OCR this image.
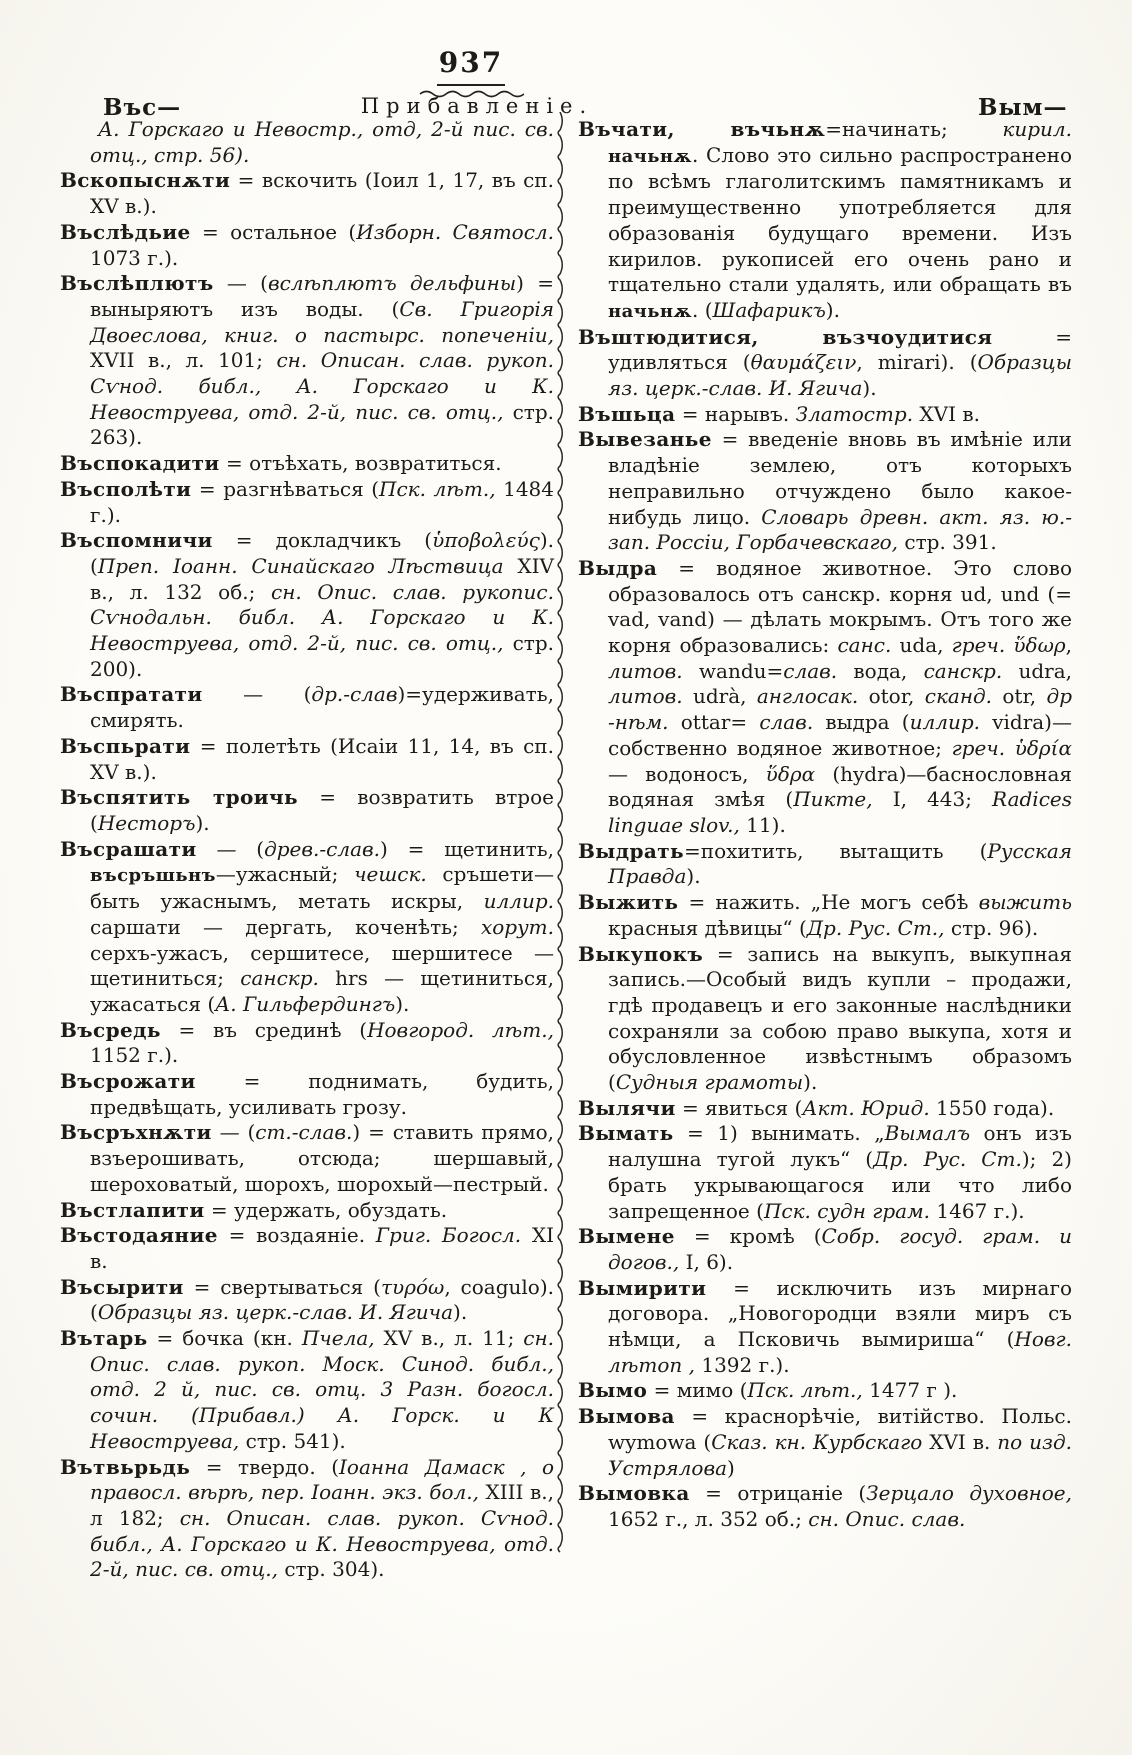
937
Въс—	Прибавленіе.	Вым—

А. Горскаго и Невостр., отд, 2-й пис. св. отц., стр. 56).

Вскопыснѫти = вскочить (Іоил 1, 17, въ сп. XV в.).

Въслѣдьие = остальное (Изборн. Святосл. 1073 г.).

Въслѣплютъ — (вслѣплютъ дельфины) = выныряютъ изъ воды. (Св. Григорія Двоеслова, книг. о пастырс. попеченіи, XVII в., л. 101; сн. Описан. слав. рукоп. Сѵнод. библ., А. Горскаго и К. Невоструева, отд. 2-й, пис. св. отц., стр. 263).

Въспокадити = отъѣхать, возвратиться.

Въсполѣти = разгнѣваться (Пск. лѣт., 1484 г.).

Въспомничи = докладчикъ (ὑποβολεύς). (Преп. Іоанн. Синайскаго Лѣствица XIV в., л. 132 об.; сн. Опис. слав. рукопис. Сѵнодальн. библ. А. Горскаго и К. Невоструева, отд. 2-й, пис. св. отц., стр. 200).

Въспратати — (др.-слав)=удерживать, смирять.

Въспьрати = полетѣть (Исаіи 11, 14, въ сп. XV в.).

Въспятить троичь = возвратить втрое (Несторъ).

Въсрашати — (древ.-слав.) = щетинить, въсръшьнъ—ужасный; чешск. сръшети—быть ужаснымъ, метать искры, иллир. саршати — дергать, коченѣть; хорут. серхъ-ужасъ, сершитесе, шершитесе — щетиниться; санскр. hrs — щетиниться, ужасаться (А. Гильфердингъ).

Въсредь = въ срединѣ (Новгород. лѣт., 1152 г.).

Въсрожати = поднимать, будить, предвѣщать, усиливать грозу.

Въсръхнѫти — (ст.-слав.) = ставить прямо, взъерошивать, отсюда; шершавый, шероховатый, шорохъ, шорохый—пестрый.

Въстлапити = удержать, обуздать.

Въстодаяние = воздаяніе. Григ. Богосл. XI в.

Въсырити = свертываться (τυρόω, coagulo). (Образцы яз. церк.-слав. И. Ягича).

Вътарь = бочка (кн. Пчела, XV в., л. 11; сн. Опис. слав. рукоп. Моск. Синод. библ., отд. 2 й, пис. св. отц. 3 Разн. богосл. сочин. (Прибавл.) А. Горск. и К Невоструева, стр. 541).

Вътвьрьдь = твердо. (Іоанна Дамаск , о правосл. вѣрѣ, пер. Іоанн. экз. бол., XIII в., л 182; сн. Описан. слав. рукоп. Сѵнод. библ., А. Горскаго и К. Невоструева, отд. 2-й, пис. св. отц., стр. 304).

Въчати, въчьнѫ=начинать; кирил. начьнѫ. Слово это сильно распространено по всѣмъ глаголитскимъ памятникамъ и преимущественно употребляется для образованія будущаго времени. Изъ кирилов. рукописей его очень рано и тщательно стали удалять, или обращать въ начьнѫ. (Шафарикъ).

Въштюдитися, възчоудитися = удивляться (θαυμάζειν, mirari). (Образцы яз. церк.-слав. И. Ягича).

Въшьца = нарывъ. Златостр. XVI в.

Вывезанье = введеніе вновь въ имѣніе или владѣніе землею, отъ которыхъ неправильно отчуждено было какое-нибудь лицо. Словарь древн. акт. яз. ю.-зап. Россіи, Горбачевскаго, стр. 391.

Выдра = водяное животное. Это слово образовалось отъ санскр. корня ud, und (= vad, vand) — дѣлать мокрымъ. Отъ того же корня образовались: санс. uda, греч. ὕδωρ, литов. wandu=слав. вода, санскр. udra, литов. udrà, англосак. otor, сканд. otr, др -нѣм. ottar= слав. выдра (иллир. vidra)—собственно водяное животное; греч. ὑδρία — водоносъ, ὕδρα (hydra)—баснословная водяная змѣя (Пикте, I, 443; Radices linguae slov., 11).

Выдрать=похитить, вытащить (Русская Правда).

Выжить = нажить. „Не могъ себѣ выжить красныя дѣвицы“ (Др. Рус. Ст., стр. 96).

Выкупокъ = запись на выкупъ, выкупная запись.—Особый видъ купли – продажи, гдѣ продавецъ и его законные наслѣдники сохраняли за собою право выкупа, хотя и обусловленное извѣстнымъ образомъ (Судныя грамоты).

Вылячи = явиться (Акт. Юрид. 1550 года).

Вымать = 1) вынимать. „Вымалъ онъ изъ налушна тугой лукъ“ (Др. Рус. Ст.); 2) брать укрывающагося или что либо запрещенное (Пск. судн грам. 1467 г.).

Вымене = кромѣ (Собр. госуд. грам. и догов., I, 6).

Вымирити = исключить изъ мирнаго договора. „Новогородци взяли миръ съ нѣмци, а Псковичь вымириша“ (Новг. лѣтоп , 1392 г.).

Вымо = мимо (Пск. лѣт., 1477 г ).

Вымова = краснорѣчіе, витійство. Польс. wymowa (Сказ. кн. Курбскаго XVI в. по изд. Устрялова)

Вымовка = отрицаніе (Зерцало духовное, 1652 г., л. 352 об.; сн. Опис. слав.
